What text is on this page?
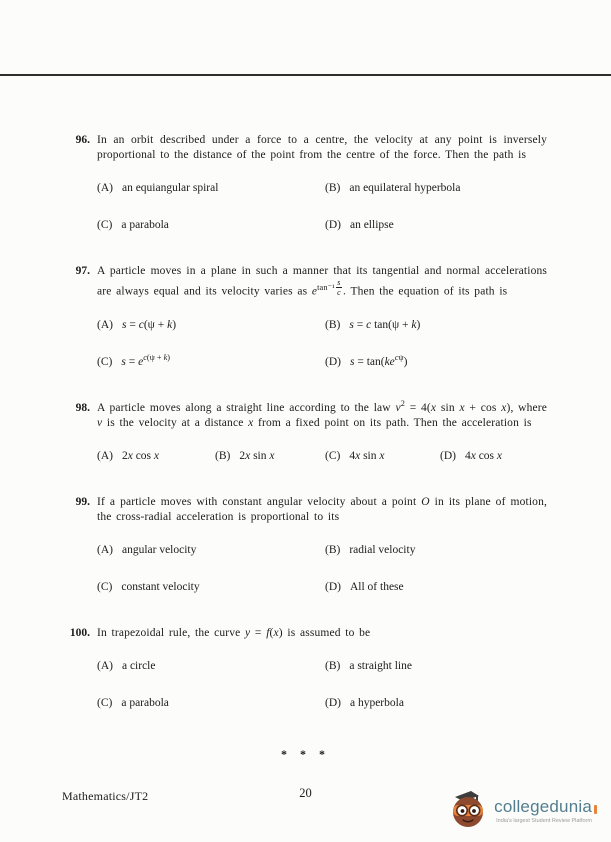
96. In an orbit described under a force to a centre, the velocity at any point is inversely proportional to the distance of the point from the centre of the force. Then the path is
(A) an equiangular spiral	(B) an equilateral hyperbola
(C) a parabola	(D) an ellipse
97. A particle moves in a plane in such a manner that its tangential and normal accelerations are always equal and its velocity varies as $e^{tan^{-1} \frac{s}{c}}$ . Then the equation of its path is
(A) s = c(ψ + k)	(B) s = c tan(ψ + k)
(C) $s = e^{c(\psi + k)}$	(D) $s = \tan(ke^{c\psi})$
98. A particle moves along a straight line according to the law $v^2 = 4(x$ sin x + cos x), where v is the velocity at a distance x from a fixed point on its path. Then the acceleration is
(A) 2x cos x	(B) 2x sin x	(C) 4x sin x	(D) 4x cos x
99. If a particle moves with constant angular velocity about a point O in its plane of motion, the cross-radial acceleration is proportional to its
(A) angular velocity	(B) radial velocity
(C) constant velocity	(D) All of these
100. In trapezoidal rule, the curve y = f(x) is assumed to be
(A) a circle	(B) a straight line
(C) a parabola	(D) a hyperbola
* * *
Mathematics/JT2	20
collegedunia
India's largest Student Review Platform
